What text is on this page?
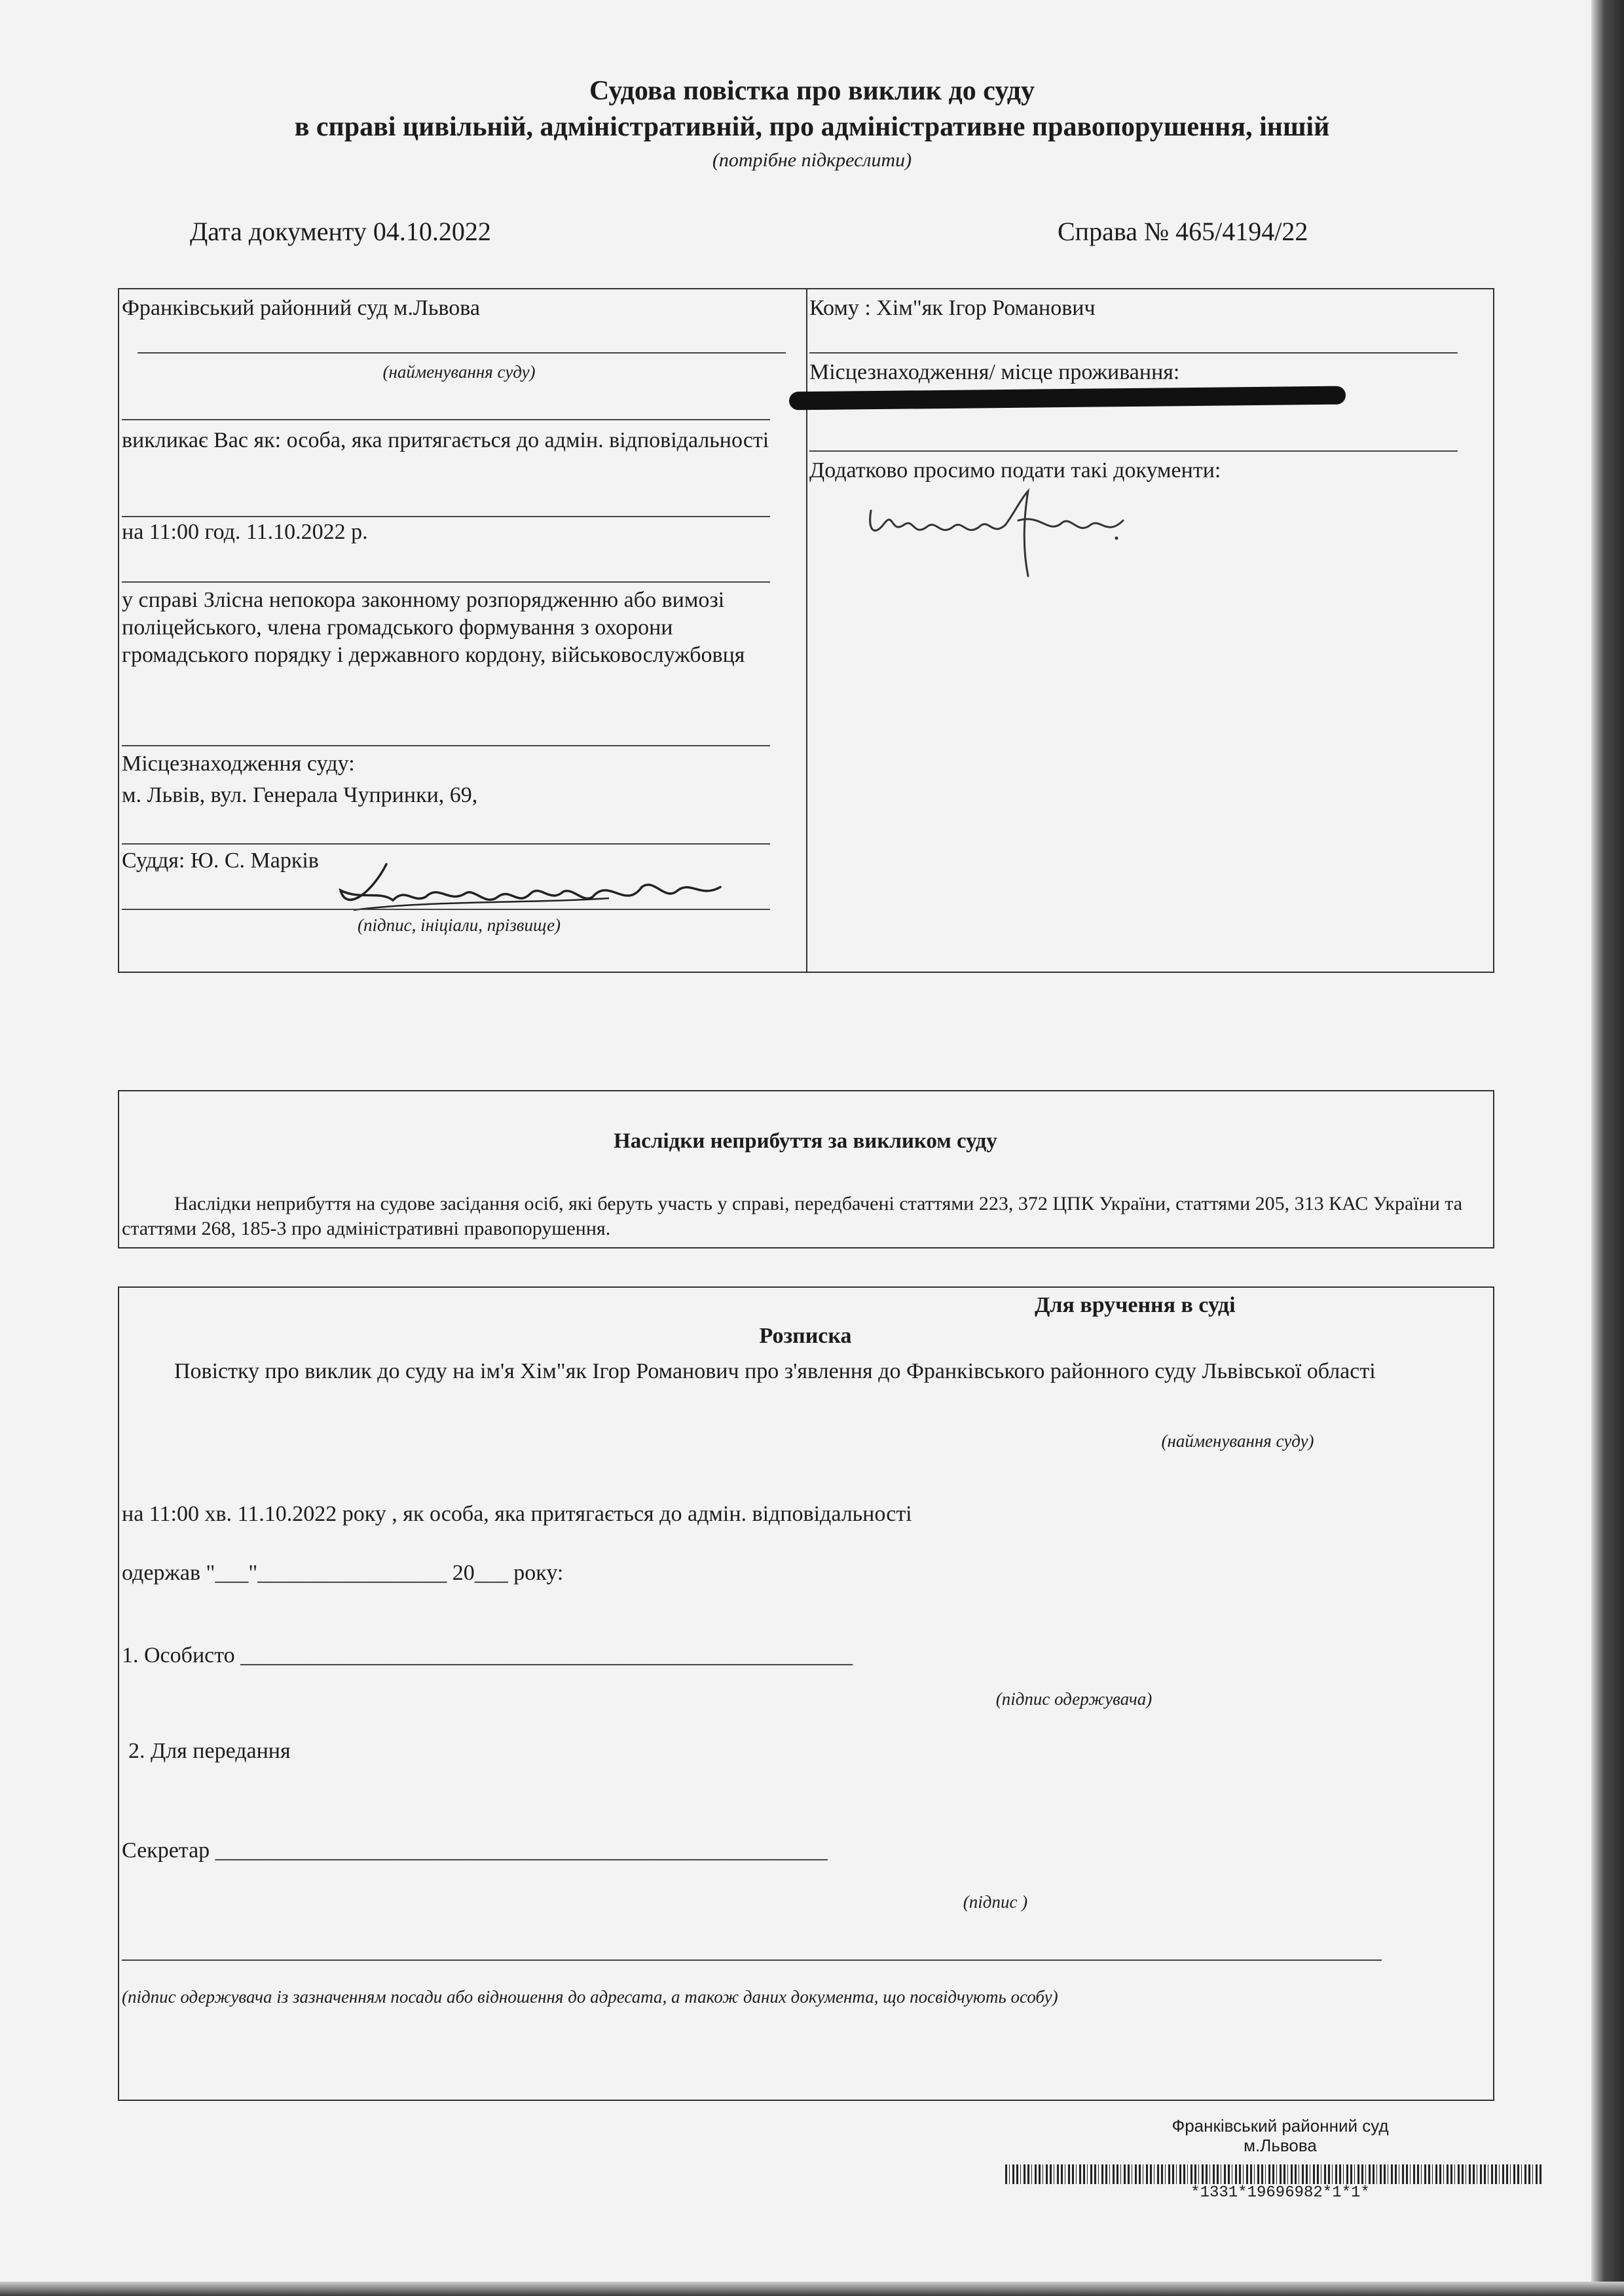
Судова повістка про виклик до суду
в справі цивільній, адміністративній, про адміністративне правопорушення, іншій
(потрібне підкреслити)
Дата документу 04.10.2022	Справа № 465/4194/22
Франківський районний суд м.Львова
(найменування суду)
викликає Вас як: особа, яка притягається до адмін. відповідальності
на 11:00 год. 11.10.2022 р.
у справі Злісна непокора законному розпорядженню або вимозі поліцейського, члена громадського формування з охорони громадського порядку і державного кордону, військовослужбовця
Місцезнаходження суду:
м. Львів, вул. Генерала Чупринки, 69,
Суддя: Ю. С. Марків
(підпис, ініціали, прізвище)
Кому : Хім"як Ігор Романович
Місцезнаходження/ місце проживання:
Додатково просимо подати такі документи:
Наслідки неприбуття за викликом суду
Наслідки неприбуття на судове засідання осіб, які беруть участь у справі, передбачені статтями 223, 372 ЦПК України, статтями 205, 313 КАС України та статтями 268, 185-3 про адміністративні правопорушення.
Для вручення в суді
Розписка
Повістку про виклик до суду на ім'я Хім"як Ігор Романович про з'явлення до Франківського районного суду Львівської області
(найменування суду)
на 11:00 хв. 11.10.2022 року , як особа, яка притягається до адмін. відповідальності
одержав "___"_________________ 20___ року:
1. Особисто _______________________________________________________
(підпис одержувача)
2. Для передання
Секретар _______________________________________________________
(підпис )
(підпис одержувача із зазначенням посади або відношення до адресата, а також даних документа, що посвідчують особу)
Франківський районний суд
м.Львова
*1331*19696982*1*1*
